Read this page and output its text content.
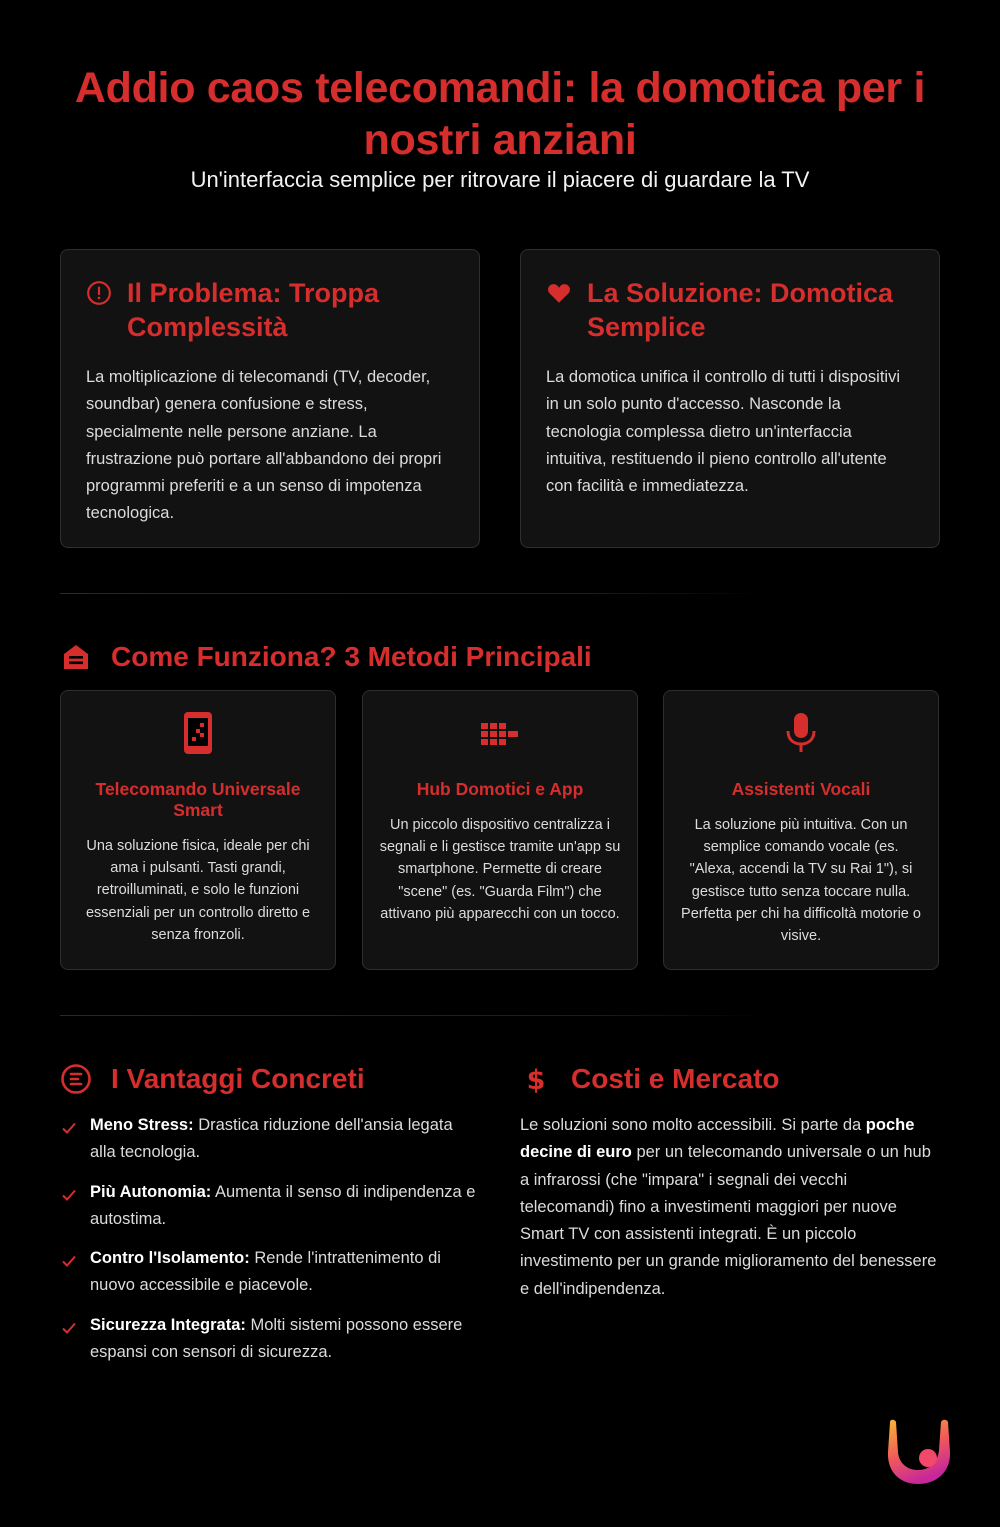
Addio caos telecomandi: la domotica per i nostri anziani
Un'interfaccia semplice per ritrovare il piacere di guardare la TV
Il Problema: Troppa Complessità

La moltiplicazione di telecomandi (TV, decoder, soundbar) genera confusione e stress, specialmente nelle persone anziane. La frustrazione può portare all'abbandono dei propri programmi preferiti e a un senso di impotenza tecnologica.

La Soluzione: Domotica Semplice

La domotica unifica il controllo di tutti i dispositivi in un solo punto d'accesso. Nasconde la tecnologia complessa dietro un'interfaccia intuitiva, restituendo il pieno controllo all'utente con facilità e immediatezza.

Come Funziona? 3 Metodi Principali
Telecomando Universale Smart

Una soluzione fisica, ideale per chi ama i pulsanti. Tasti grandi, retroilluminati, e solo le funzioni essenziali per un controllo diretto e senza fronzoli.

Hub Domotici e App

Un piccolo dispositivo centralizza i segnali e li gestisce tramite un'app su smartphone. Permette di creare "scene" (es. "Guarda Film") che attivano più apparecchi con un tocco.

Assistenti Vocali

La soluzione più intuitiva. Con un semplice comando vocale (es. "Alexa, accendi la TV su Rai 1"), si gestisce tutto senza toccare nulla. Perfetta per chi ha difficoltà motorie o visive.

I Vantaggi Concreti
Meno Stress: Drastica riduzione dell'ansia legata alla tecnologia.
Più Autonomia: Aumenta il senso di indipendenza e autostima.
Contro l'Isolamento: Rende l'intrattenimento di nuovo accessibile e piacevole.
Sicurezza Integrata: Molti sistemi possono essere espansi con sensori di sicurezza.
$ Costi e Mercato

Le soluzioni sono molto accessibili. Si parte da poche decine di euro per un telecomando universale o un hub a infrarossi (che "impara" i segnali dei vecchi telecomandi) fino a investimenti maggiori per nuove Smart TV con assistenti integrati. È un piccolo investimento per un grande miglioramento del benessere e dell'indipendenza.
